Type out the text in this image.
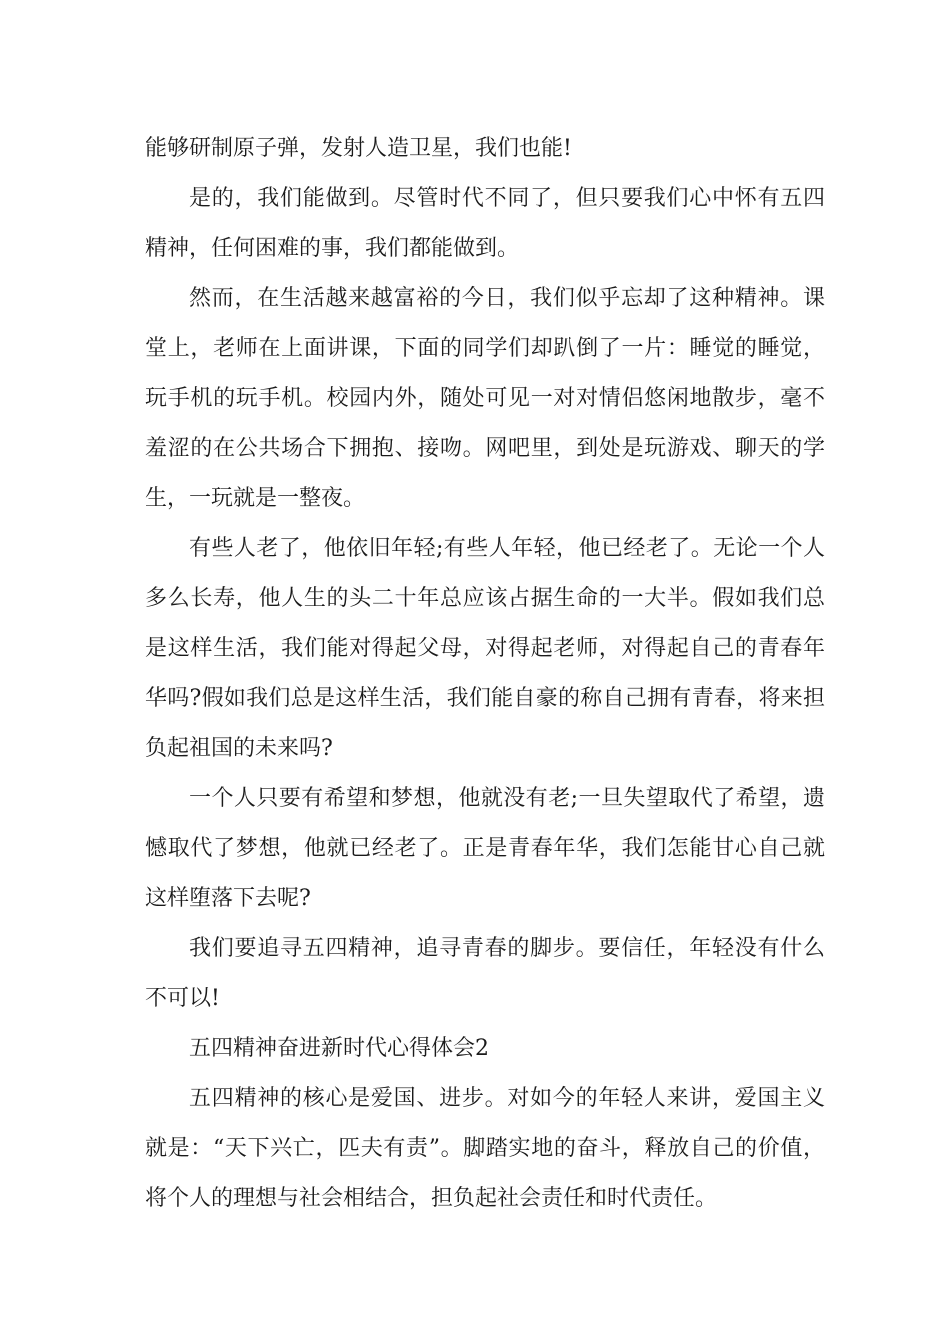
能够研制原子弹，发射人造卫星，我们也能!

是的，我们能做到。尽管时代不同了，但只要我们心中怀有五四精神，任何困难的事，我们都能做到。

然而，在生活越来越富裕的今日，我们似乎忘却了这种精神。课堂上，老师在上面讲课，下面的同学们却趴倒了一片：睡觉的睡觉，玩手机的玩手机。校园内外，随处可见一对对情侣悠闲地散步，毫不羞涩的在公共场合下拥抱、接吻。网吧里，到处是玩游戏、聊天的学生，一玩就是一整夜。

有些人老了，他依旧年轻;有些人年轻，他已经老了。无论一个人多么长寿，他人生的头二十年总应该占据生命的一大半。假如我们总是这样生活，我们能对得起父母，对得起老师，对得起自己的青春年华吗?假如我们总是这样生活，我们能自豪的称自己拥有青春，将来担负起祖国的未来吗?

一个人只要有希望和梦想，他就没有老;一旦失望取代了希望，遗憾取代了梦想，他就已经老了。正是青春年华，我们怎能甘心自己就这样堕落下去呢?

我们要追寻五四精神，追寻青春的脚步。要信任，年轻没有什么不可以!

五四精神奋进新时代心得体会2

五四精神的核心是爱国、进步。对如今的年轻人来讲，爱国主义就是：“天下兴亡，匹夫有责”。脚踏实地的奋斗，释放自己的价值，将个人的理想与社会相结合，担负起社会责任和时代责任。
